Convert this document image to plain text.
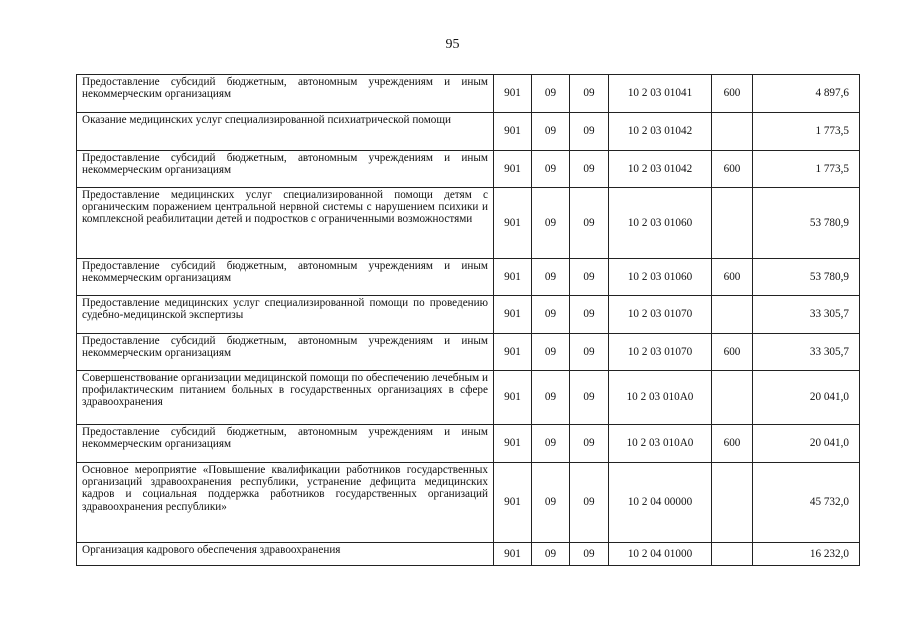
95
Предоставление субсидий бюджетным, автономным учреждениям и иным некоммерческим организациям	901	09	09	10 2 03 01041	600	4 897,6
Оказание медицинских услуг специализированной психиатрической помощи	901	09	09	10 2 03 01042		1 773,5
Предоставление субсидий бюджетным, автономным учреждениям и иным некоммерческим организациям	901	09	09	10 2 03 01042	600	1 773,5
Предоставление медицинских услуг специализированной помощи детям с органическим поражением центральной нервной системы с нарушением психики и комплексной реабилитации детей и подростков с ограниченными возможностями	901	09	09	10 2 03 01060		53 780,9
Предоставление субсидий бюджетным, автономным учреждениям и иным некоммерческим организациям	901	09	09	10 2 03 01060	600	53 780,9
Предоставление медицинских услуг специализированной помощи по проведению судебно-медицинской экспертизы	901	09	09	10 2 03 01070		33 305,7
Предоставление субсидий бюджетным, автономным учреждениям и иным некоммерческим организациям	901	09	09	10 2 03 01070	600	33 305,7
Совершенствование организации медицинской помощи по обеспечению лечебным и профилактическим питанием больных в государственных организациях в сфере здравоохранения	901	09	09	10 2 03 010А0		20 041,0
Предоставление субсидий бюджетным, автономным учреждениям и иным некоммерческим организациям	901	09	09	10 2 03 010А0	600	20 041,0
Основное мероприятие «Повышение квалификации работников государственных организаций здравоохранения республики, устранение дефицита медицинских кадров и социальная поддержка работников государственных организаций здравоохранения республики»	901	09	09	10 2 04 00000		45 732,0
Организация кадрового обеспечения здравоохранения	901	09	09	10 2 04 01000		16 232,0
